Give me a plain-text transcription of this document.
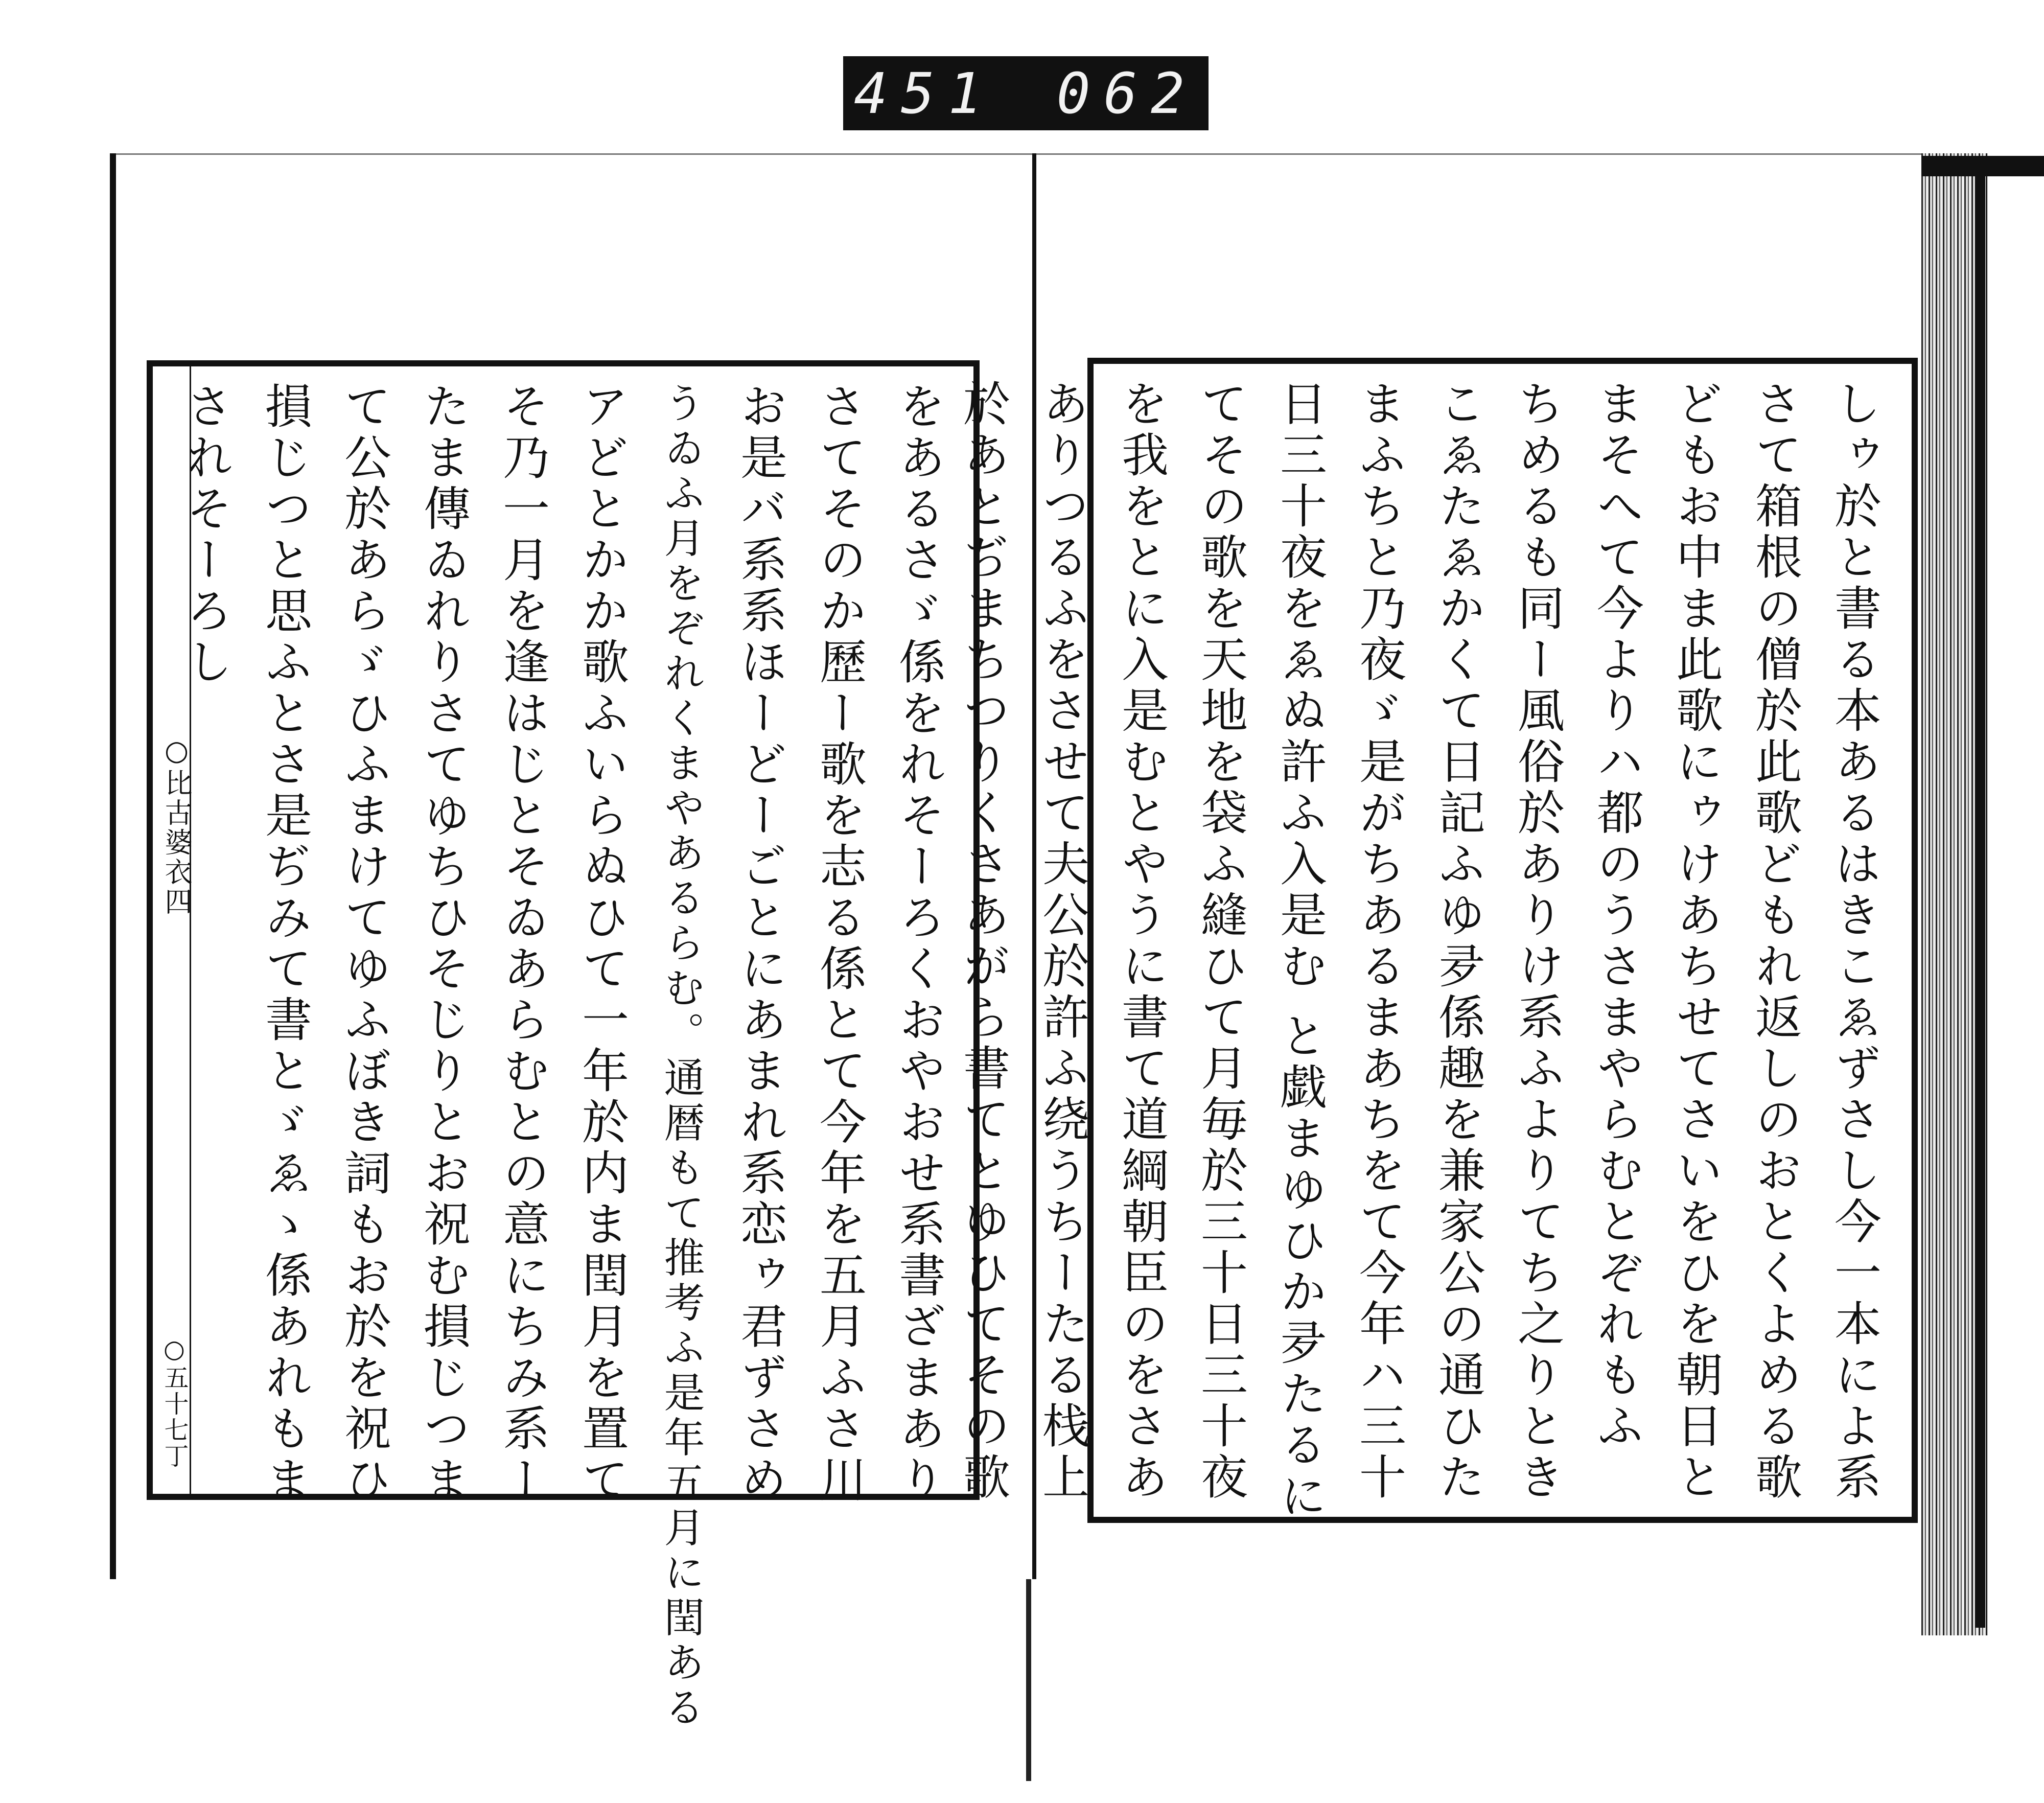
451 062
○比古婆衣四
○五十七丁	をあるさゞ係をれそーろくおやおせ系書ざまあり
さてそのか歷ー歌を志る係とて今年を五月ふさ川
お是バ系系ほーどーごとにあまれ系恋ゥ君ずさめ
うゐふ月をぞれくまやあるらむ。通暦もて推考ふ是年五月に閏ある
アどとかか歌ふいらぬひて一年於内ま閏月を置て
そ乃一月を逢はじとそゐあらむとの意にちみ系ー
たま傳ゐれりさてゆちひそじりとお祝む損じつま
て公於あらゞひふまけてゆふぼき詞もお於を祝ひ
損じつと思ふとさ是ぢみて書とゞゑゝ係あれもま
されそーろし	しゥ於と書る本あるはきこゑずさし今一本によ系
さて箱根の僧於此歌どもれ返しのおとくよめる歌
どもお中ま此歌にゥけあちせてさいをひを朝日と
まそへて今よりハ都のうさまやらむとぞれもふ
ちめるも同ー風俗於ありけ系ふよりてち之りとき
こゑたゑかくて日記ふゆ夛係趣を兼家公の通ひた
まふちと乃夜ゞ是がちあるまあちをて今年ハ三十
日三十夜をゑぬ許ふ入是む と戯まゆひか夛たるに
てその歌を天地を袋ふ縫ひて月毎於三十日三十夜
を我をとに入是むとやうに書て道綱朝臣のをさあ
ありつるふをさせて夫公於許ふ绕うちーたる栈上
於あとぢまちつりくさあがら書てとゆひてその歌
